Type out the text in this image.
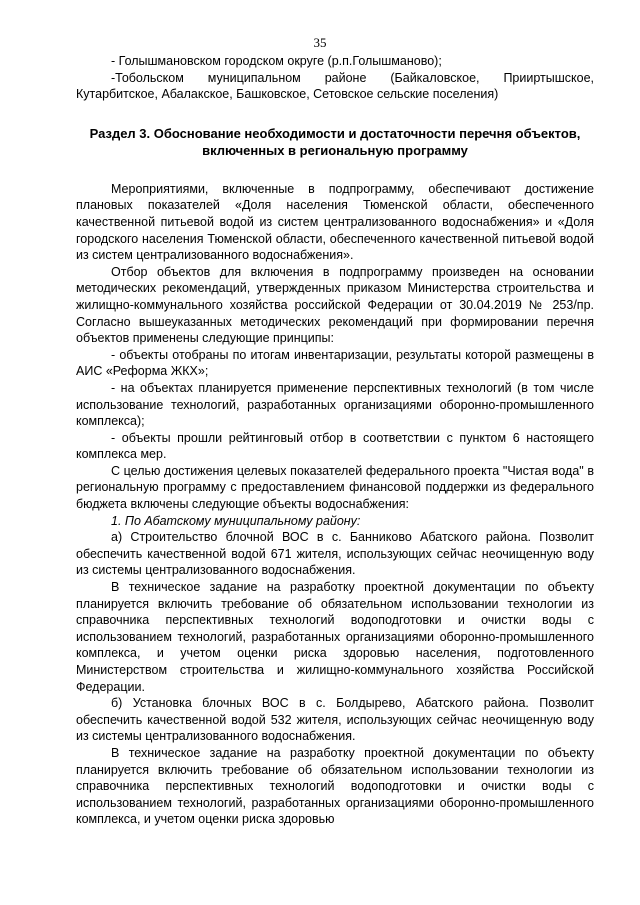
35

- Голышмановском городском округе (р.п.Голышманово);

-Тобольском муниципальном районе (Байкаловское, Прииртышское, Кутарбитское, Абалакское, Башковское, Сетовское сельские поселения)

Раздел 3. Обоснование необходимости и достаточности перечня объектов, включенных в региональную программу

Мероприятиями, включенные в подпрограмму, обеспечивают достижение плановых показателей «Доля населения Тюменской области, обеспеченного качественной питьевой водой из систем централизованного водоснабжения» и «Доля городского населения Тюменской области, обеспеченного качественной питьевой водой из систем централизованного водоснабжения».

Отбор объектов для включения в подпрограмму произведен на основании методических рекомендаций, утвержденных приказом Министерства строительства и жилищно-коммунального хозяйства российской Федерации от 30.04.2019 № 253/пр. Согласно вышеуказанных методических рекомендаций при формировании перечня объектов применены следующие принципы:

- объекты отобраны по итогам инвентаризации, результаты которой размещены в АИС «Реформа ЖКХ»;

- на объектах планируется применение перспективных технологий (в том числе использование технологий, разработанных организациями оборонно-промышленного комплекса);

- объекты прошли рейтинговый отбор в соответствии с пунктом 6 настоящего комплекса мер.

С целью достижения целевых показателей федерального проекта "Чистая вода" в региональную программу с предоставлением финансовой поддержки из федерального бюджета включены следующие объекты водоснабжения:

1. По Абатскому муниципальному району:

а) Строительство блочной ВОС в с. Банниково Абатского района. Позволит обеспечить качественной водой 671 жителя, использующих сейчас неочищенную воду из системы централизованного водоснабжения.

В техническое задание на разработку проектной документации по объекту планируется включить требование об обязательном использовании технологии из справочника перспективных технологий водоподготовки и очистки воды с использованием технологий, разработанных организациями оборонно-промышленного комплекса, и учетом оценки риска здоровью населения, подготовленного Министерством строительства и жилищно-коммунального хозяйства Российской Федерации.

б) Установка блочных ВОС в с. Болдырево, Абатского района. Позволит обеспечить качественной водой 532 жителя, использующих сейчас неочищенную воду из системы централизованного водоснабжения.

В техническое задание на разработку проектной документации по объекту планируется включить требование об обязательном использовании технологии из справочника перспективных технологий водоподготовки и очистки воды с использованием технологий, разработанных организациями оборонно-промышленного комплекса, и учетом оценки риска здоровью
